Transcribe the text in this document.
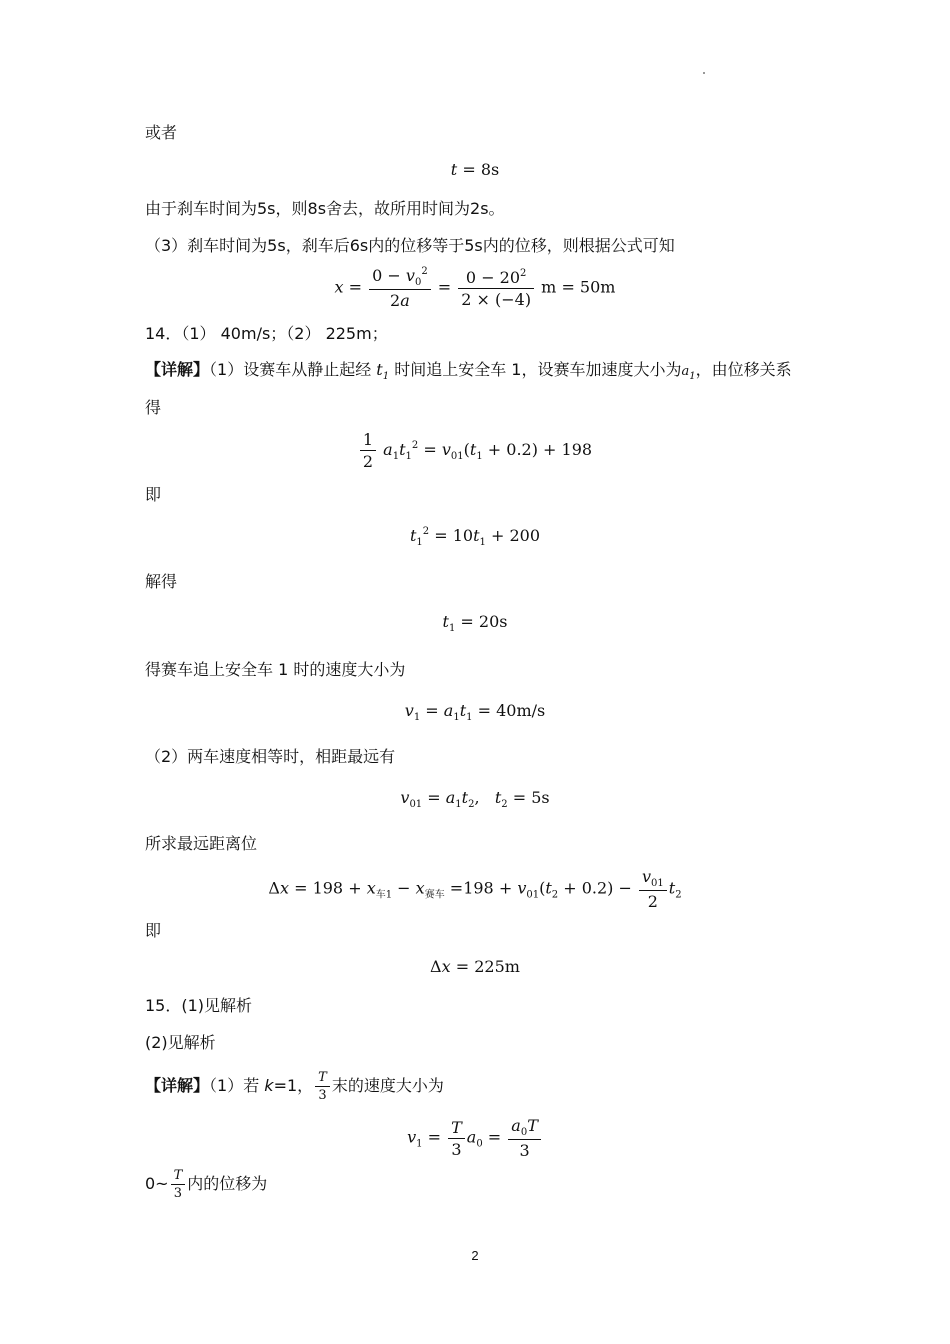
或者
t = 8s
由于刹车时间为5s，则8s舍去，故所用时间为2s。
（3）刹车时间为5s，刹车后6s内的位移等于5s内的位移，则根据公式可知
$x = \frac{0 - v_0^2}{2a} = \frac{0 - 20^2}{2 \times (-4)}$ m = 50m
14．（1） 40m/s；（2） 225m；
【详解】（1）设赛车从静止起经 $t_1$ 时间追上安全车 1，设赛车加速度大小为$a_1$，由位移关系
得
$\frac{1}{2} a_1t_1^2 = v_{01}(t_1 + 0.2) + 198$
即
$t_1^2 = 10t_1 + 200$
解得
$t_1 = 20s$
得赛车追上安全车 1 时的速度大小为
$v_1 = a_1t_1 = 40m/s$
（2）两车速度相等时，相距最远有
$v_{01} = a_1t_2$,   $t_2 = 5s$
所求最远距离位
$\Delta x = 198 + x_{车1} - x_{赛车} =198 + v_{01}(t_2 + 0.2) - \frac{v_{01}}{2} t_2$
即
Δx = 225m
15．(1)见解析
(2)见解析
【详解】（1）若 k=1， $\frac{T}{3}$ 末的速度大小为
$v_1 = \frac{T}{3} a_0 = \frac{a_0T}{3}$
0~ $\frac{T}{3}$ 内的位移为
2
